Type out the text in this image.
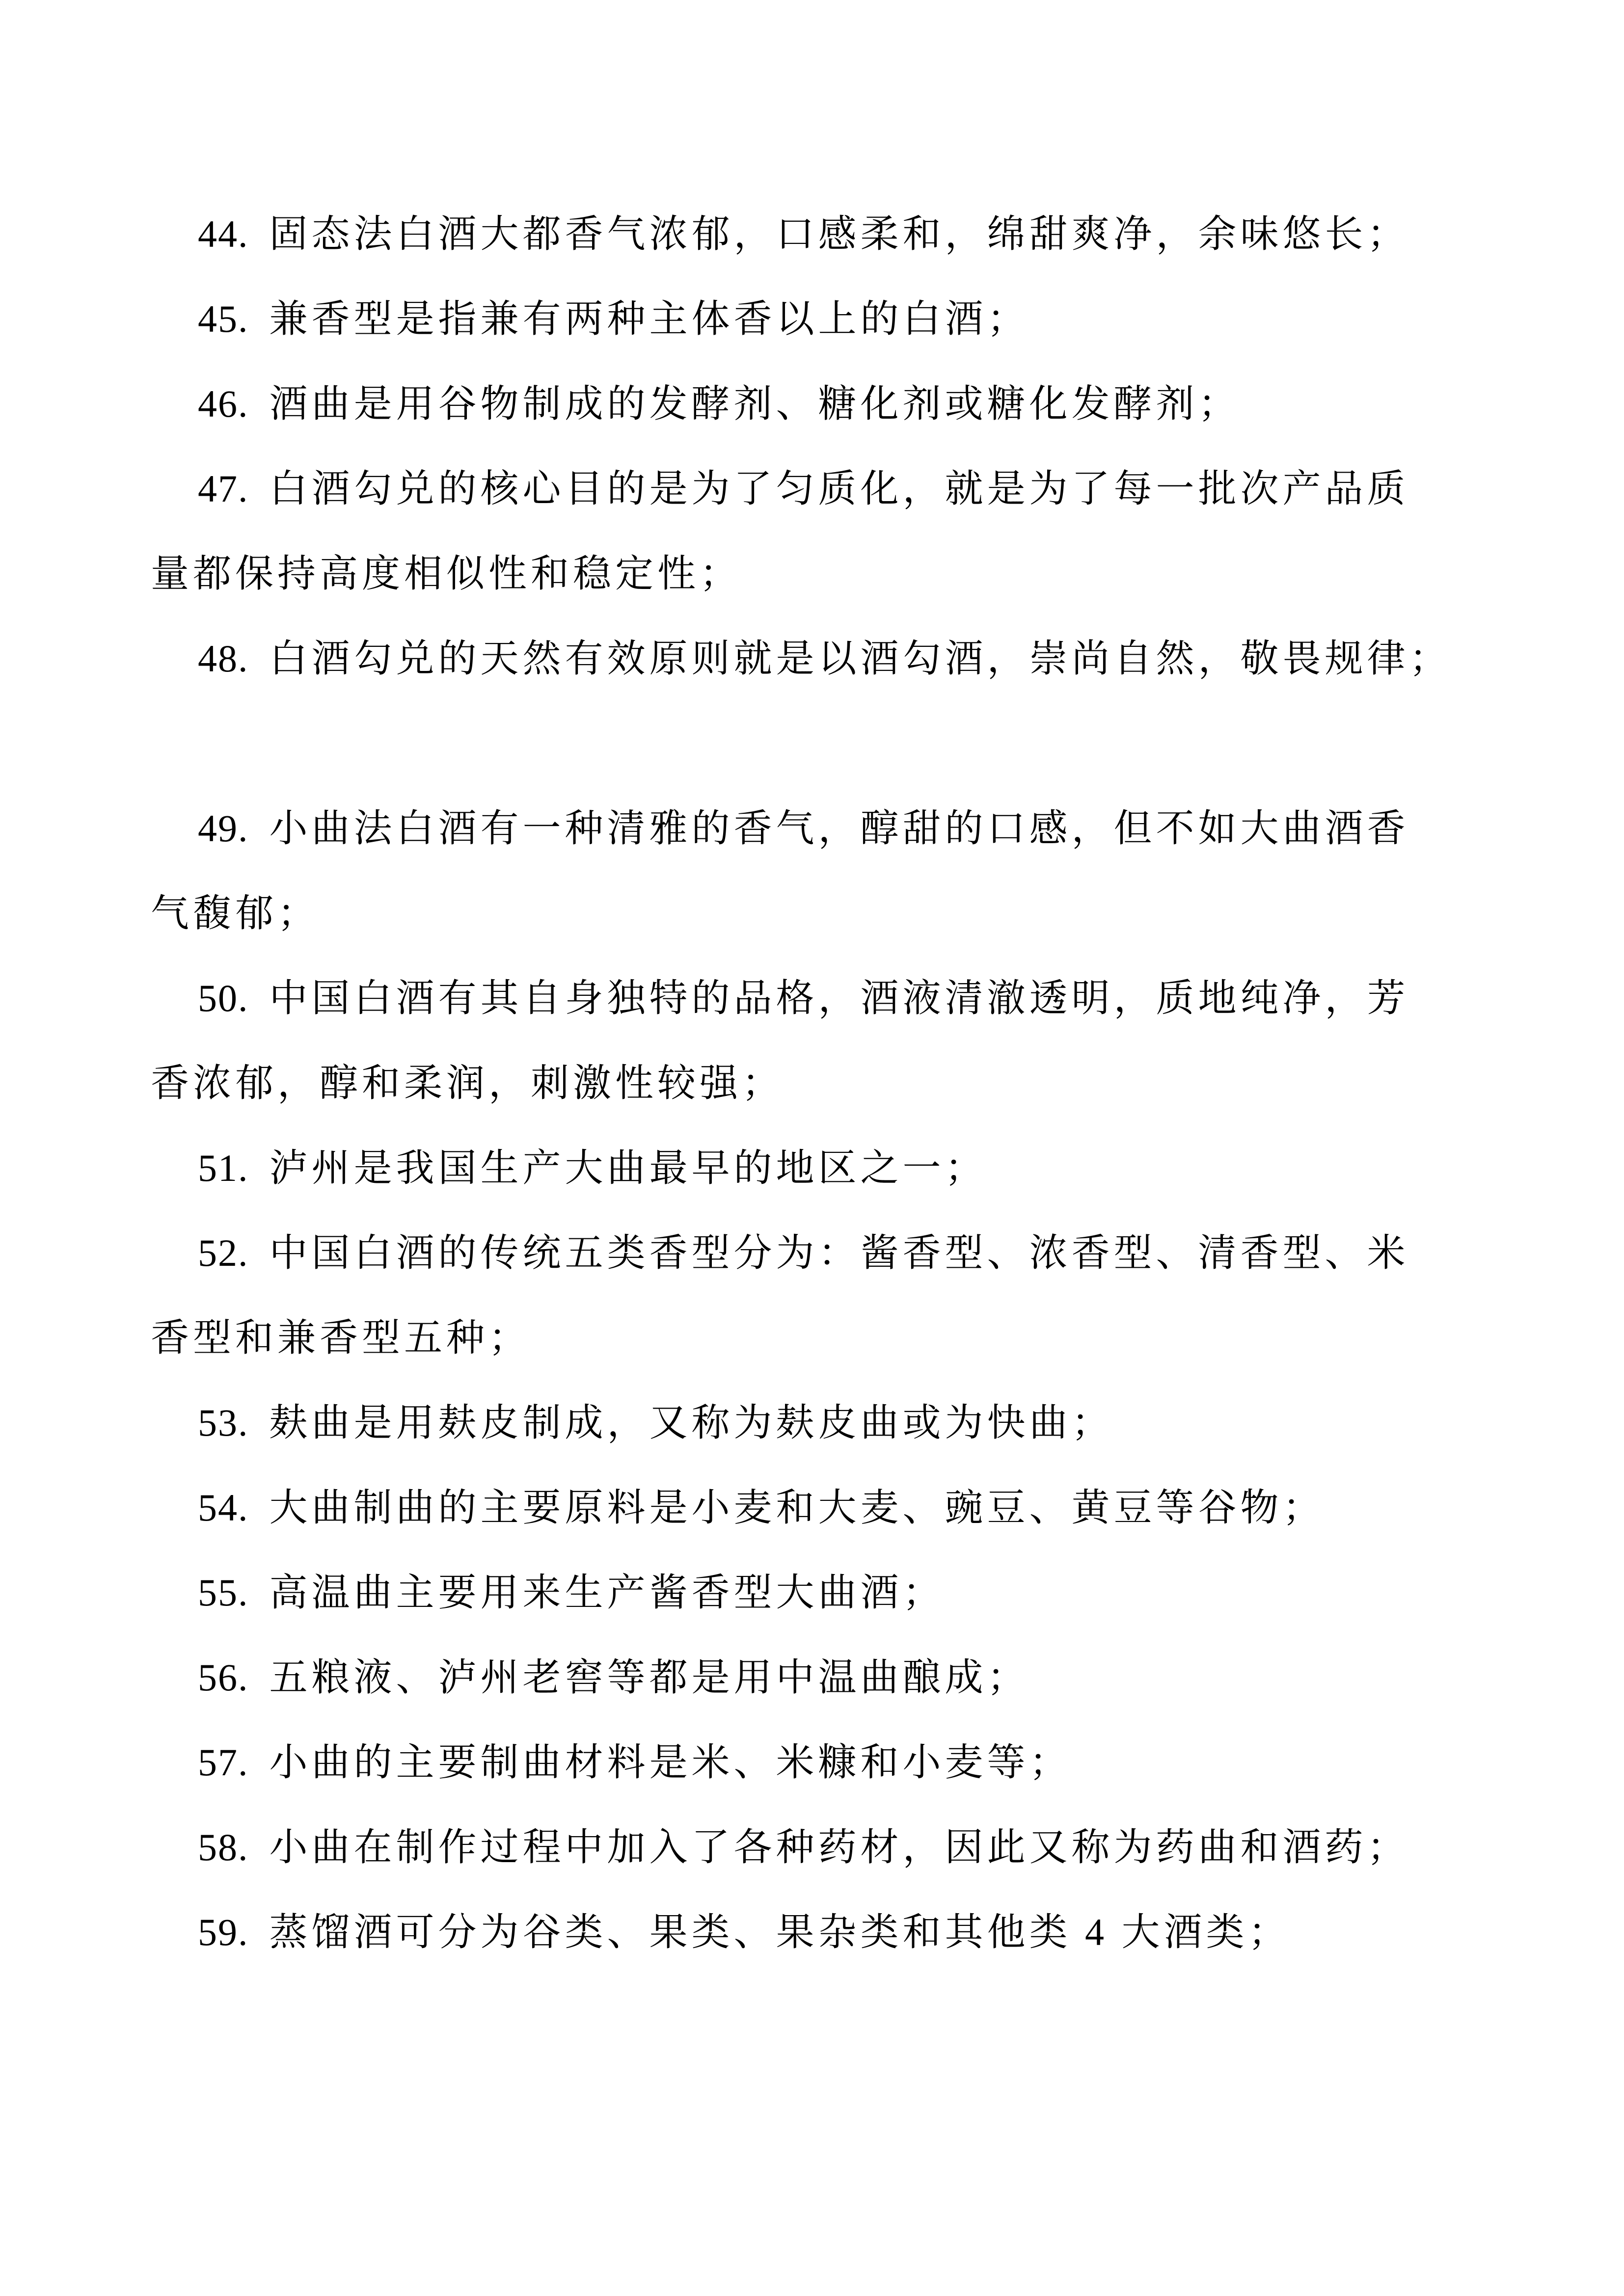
44. 固态法白酒大都香气浓郁，口感柔和，绵甜爽净，余味悠长；
45. 兼香型是指兼有两种主体香以上的白酒；
46. 酒曲是用谷物制成的发酵剂、糖化剂或糖化发酵剂；
47. 白酒勾兑的核心目的是为了匀质化，就是为了每一批次产品质
量都保持高度相似性和稳定性；
48. 白酒勾兑的天然有效原则就是以酒勾酒，崇尚自然，敬畏规律；
49. 小曲法白酒有一种清雅的香气，醇甜的口感，但不如大曲酒香
气馥郁；
50. 中国白酒有其自身独特的品格，酒液清澈透明，质地纯净，芳
香浓郁，醇和柔润，刺激性较强；
51. 泸州是我国生产大曲最早的地区之一；
52. 中国白酒的传统五类香型分为：酱香型、浓香型、清香型、米
香型和兼香型五种；
53. 麸曲是用麸皮制成，又称为麸皮曲或为快曲；
54. 大曲制曲的主要原料是小麦和大麦、豌豆、黄豆等谷物；
55. 高温曲主要用来生产酱香型大曲酒；
56. 五粮液、泸州老窖等都是用中温曲酿成；
57. 小曲的主要制曲材料是米、米糠和小麦等；
58. 小曲在制作过程中加入了各种药材，因此又称为药曲和酒药；
59. 蒸馏酒可分为谷类、果类、果杂类和其他类 4 大酒类；
